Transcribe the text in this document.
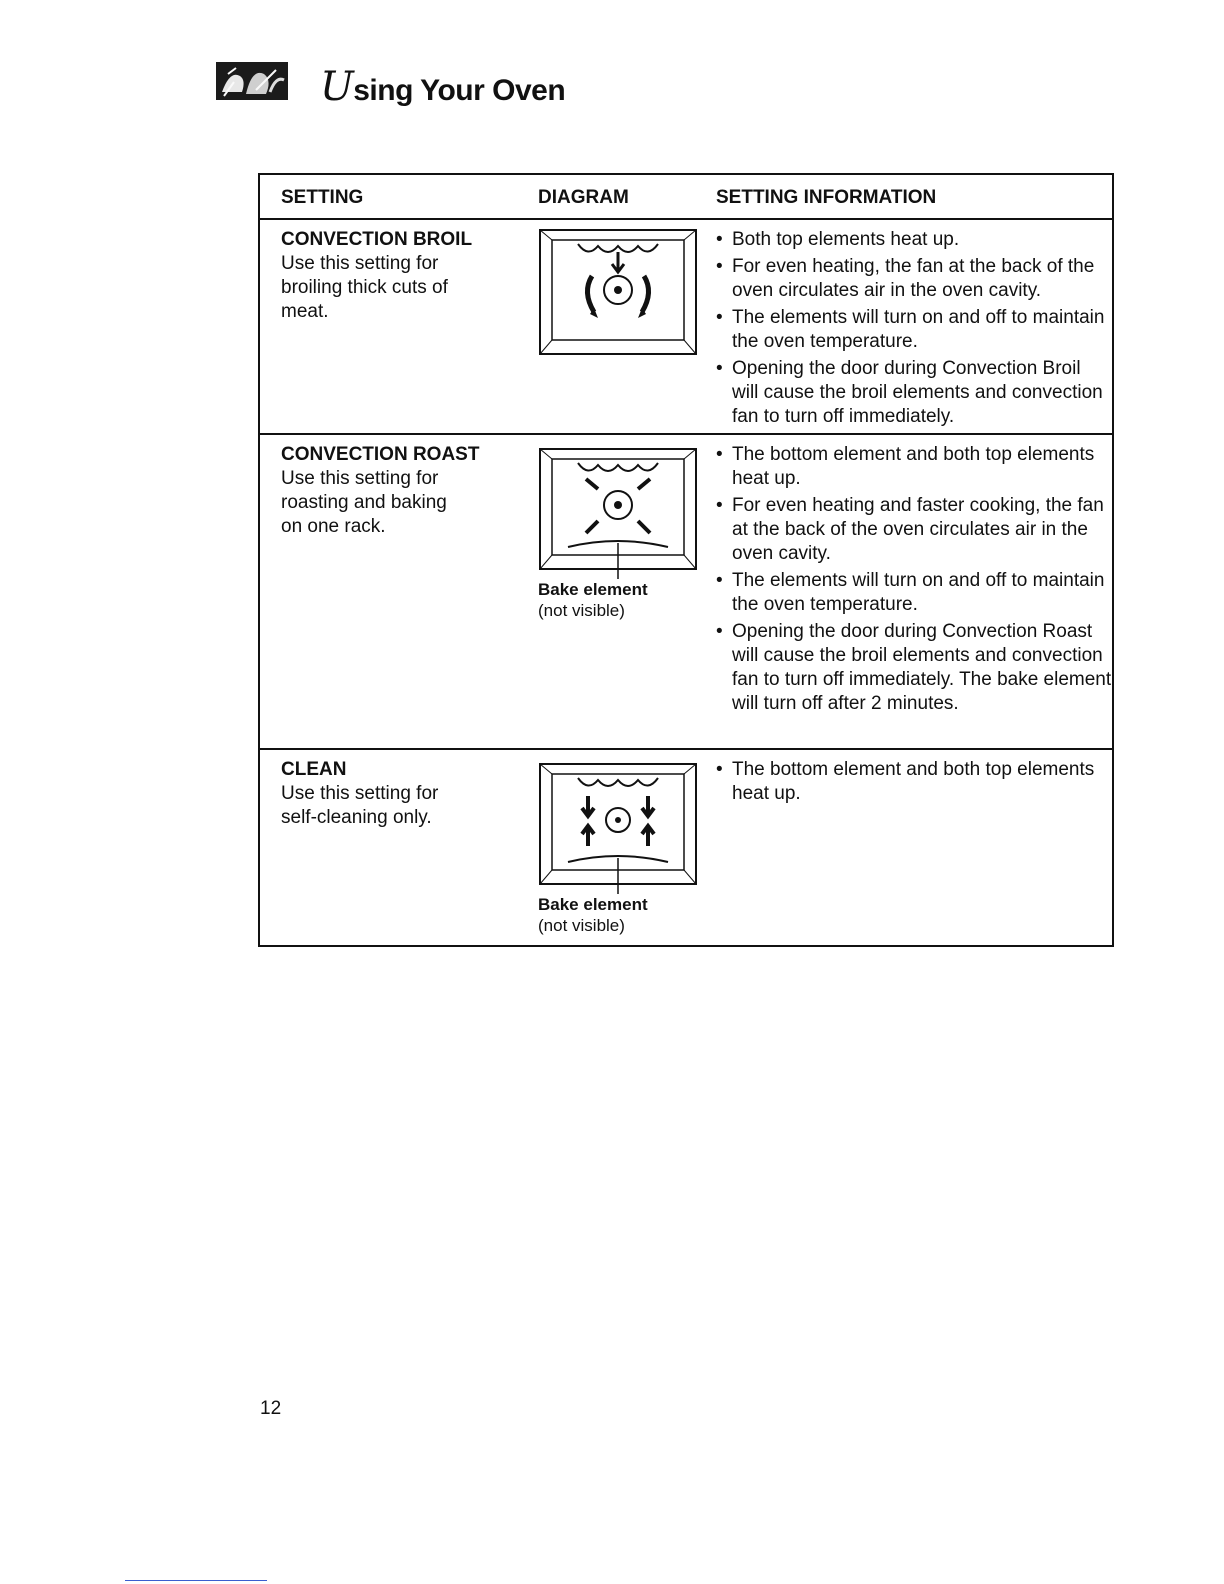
Using Your Oven
SETTING	DIAGRAM	SETTING INFORMATION
CONVECTION BROIL
Use this setting for broiling thick cuts of meat.
• Both top elements heat up.
• For even heating, the fan at the back of the oven circulates air in the oven cavity.
• The elements will turn on and off to maintain the oven temperature.
• Opening the door during Convection Broil will cause the broil elements and convection fan to turn off immediately.
CONVECTION ROAST
Use this setting for roasting and baking on one rack.
Bake element
(not visible)
• The bottom element and both top elements heat up.
• For even heating and faster cooking, the fan at the back of the oven circulates air in the oven cavity.
• The elements will turn on and off to maintain the oven temperature.
• Opening the door during Convection Roast will cause the broil elements and convection fan to turn off immediately. The bake element will turn off after 2 minutes.
CLEAN
Use this setting for self-cleaning only.
Bake element
(not visible)
• The bottom element and both top elements heat up.
12
